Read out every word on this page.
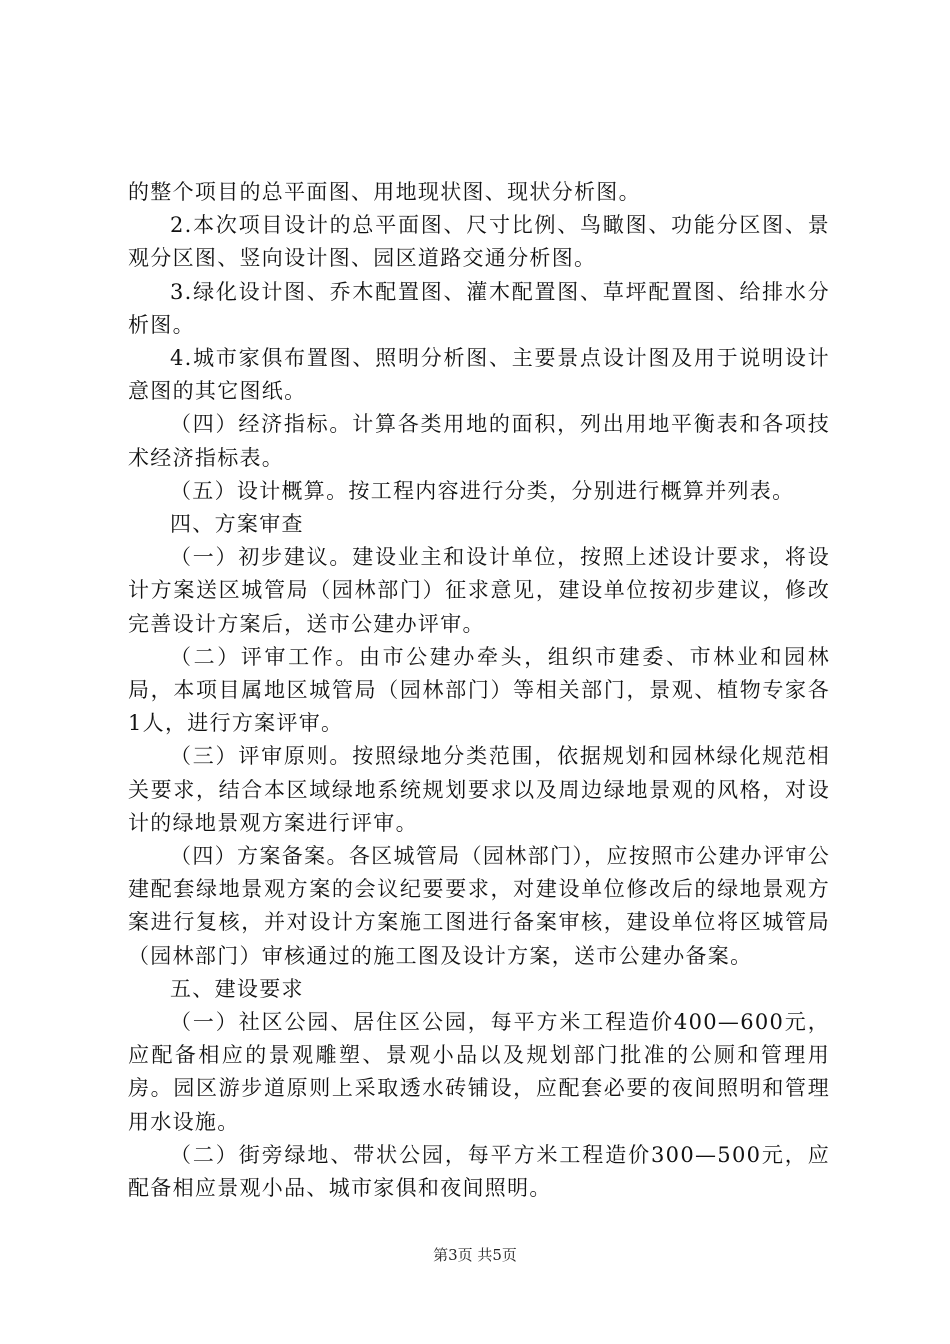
的整个项目的总平面图、用地现状图、现状分析图。

2.本次项目设计的总平面图、尺寸比例、鸟瞰图、功能分区图、景观分区图、竖向设计图、园区道路交通分析图。

3.绿化设计图、乔木配置图、灌木配置图、草坪配置图、给排水分析图。

4.城市家俱布置图、照明分析图、主要景点设计图及用于说明设计意图的其它图纸。

（四）经济指标。计算各类用地的面积，列出用地平衡表和各项技术经济指标表。

（五）设计概算。按工程内容进行分类，分别进行概算并列表。

四、方案审查

（一）初步建议。建设业主和设计单位，按照上述设计要求，将设计方案送区城管局（园林部门）征求意见，建设单位按初步建议，修改完善设计方案后，送市公建办评审。

（二）评审工作。由市公建办牵头，组织市建委、市林业和园林局，本项目属地区城管局（园林部门）等相关部门，景观、植物专家各1人，进行方案评审。

（三）评审原则。按照绿地分类范围，依据规划和园林绿化规范相关要求，结合本区域绿地系统规划要求以及周边绿地景观的风格，对设计的绿地景观方案进行评审。

（四）方案备案。各区城管局（园林部门），应按照市公建办评审公建配套绿地景观方案的会议纪要要求，对建设单位修改后的绿地景观方案进行复核，并对设计方案施工图进行备案审核，建设单位将区城管局（园林部门）审核通过的施工图及设计方案，送市公建办备案。

五、建设要求

（一）社区公园、居住区公园，每平方米工程造价400—600元，应配备相应的景观雕塑、景观小品以及规划部门批准的公厕和管理用房。园区游步道原则上采取透水砖铺设，应配套必要的夜间照明和管理用水设施。

（二）街旁绿地、带状公园，每平方米工程造价300—500元，应配备相应景观小品、城市家俱和夜间照明。

第3页 共5页
